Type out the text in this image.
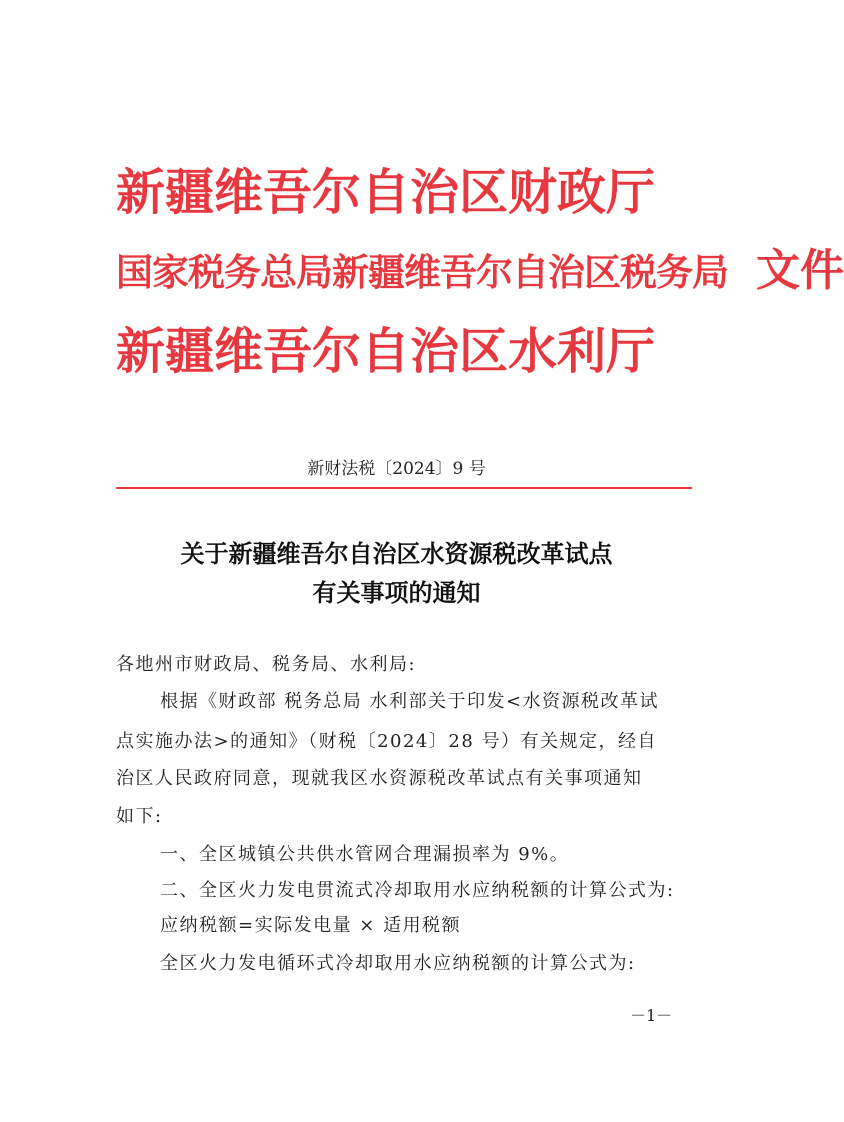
新疆维吾尔自治区财政厅
国家税务总局新疆维吾尔自治区税务局 文件
新疆维吾尔自治区水利厅
新财法税〔2024〕9 号
关于新疆维吾尔自治区水资源税改革试点
有关事项的通知
各地州市财政局、税务局、水利局:
根据《财政部 税务总局 水利部关于印发<水资源税改革试
点实施办法>的通知》（财税〔2024〕28 号）有关规定，经自
治区人民政府同意，现就我区水资源税改革试点有关事项通知
如下:
一、全区城镇公共供水管网合理漏损率为 9%。
二、全区火力发电贯流式冷却取用水应纳税额的计算公式为:
应纳税额=实际发电量 × 适用税额
全区火力发电循环式冷却取用水应纳税额的计算公式为:
－1－
